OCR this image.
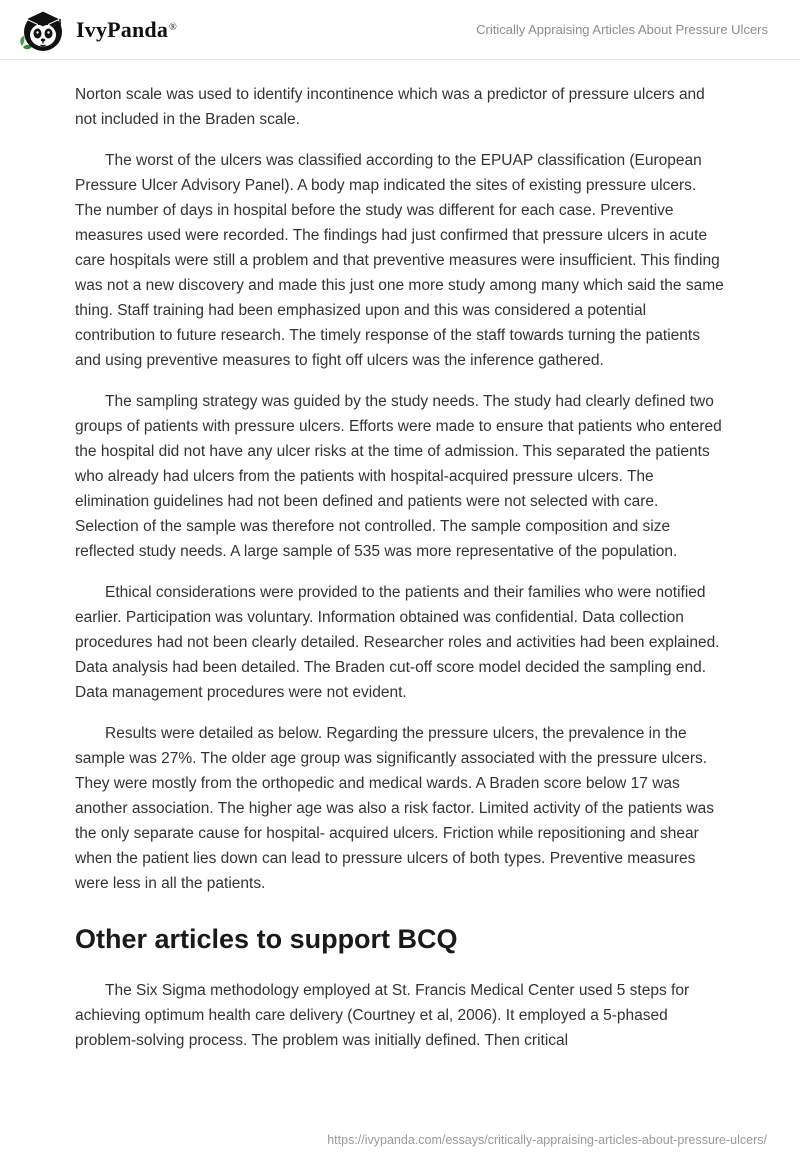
IvyPanda®	Critically Appraising Articles About Pressure Ulcers

Norton scale was used to identify incontinence which was a predictor of pressure ulcers and not included in the Braden scale.

The worst of the ulcers was classified according to the EPUAP classification (European Pressure Ulcer Advisory Panel). A body map indicated the sites of existing pressure ulcers. The number of days in hospital before the study was different for each case. Preventive measures used were recorded. The findings had just confirmed that pressure ulcers in acute care hospitals were still a problem and that preventive measures were insufficient. This finding was not a new discovery and made this just one more study among many which said the same thing. Staff training had been emphasized upon and this was considered a potential contribution to future research. The timely response of the staff towards turning the patients and using preventive measures to fight off ulcers was the inference gathered.

The sampling strategy was guided by the study needs. The study had clearly defined two groups of patients with pressure ulcers. Efforts were made to ensure that patients who entered the hospital did not have any ulcer risks at the time of admission. This separated the patients who already had ulcers from the patients with hospital-acquired pressure ulcers. The elimination guidelines had not been defined and patients were not selected with care. Selection of the sample was therefore not controlled. The sample composition and size reflected study needs. A large sample of 535 was more representative of the population.

Ethical considerations were provided to the patients and their families who were notified earlier. Participation was voluntary. Information obtained was confidential. Data collection procedures had not been clearly detailed. Researcher roles and activities had been explained. Data analysis had been detailed. The Braden cut-off score model decided the sampling end. Data management procedures were not evident.

Results were detailed as below. Regarding the pressure ulcers, the prevalence in the sample was 27%. The older age group was significantly associated with the pressure ulcers. They were mostly from the orthopedic and medical wards. A Braden score below 17 was another association. The higher age was also a risk factor. Limited activity of the patients was the only separate cause for hospital- acquired ulcers. Friction while repositioning and shear when the patient lies down can lead to pressure ulcers of both types. Preventive measures were less in all the patients.

Other articles to support BCQ

The Six Sigma methodology employed at St. Francis Medical Center used 5 steps for achieving optimum health care delivery (Courtney et al, 2006). It employed a 5-phased problem-solving process. The problem was initially defined. Then critical

https://ivypanda.com/essays/critically-appraising-articles-about-pressure-ulcers/
